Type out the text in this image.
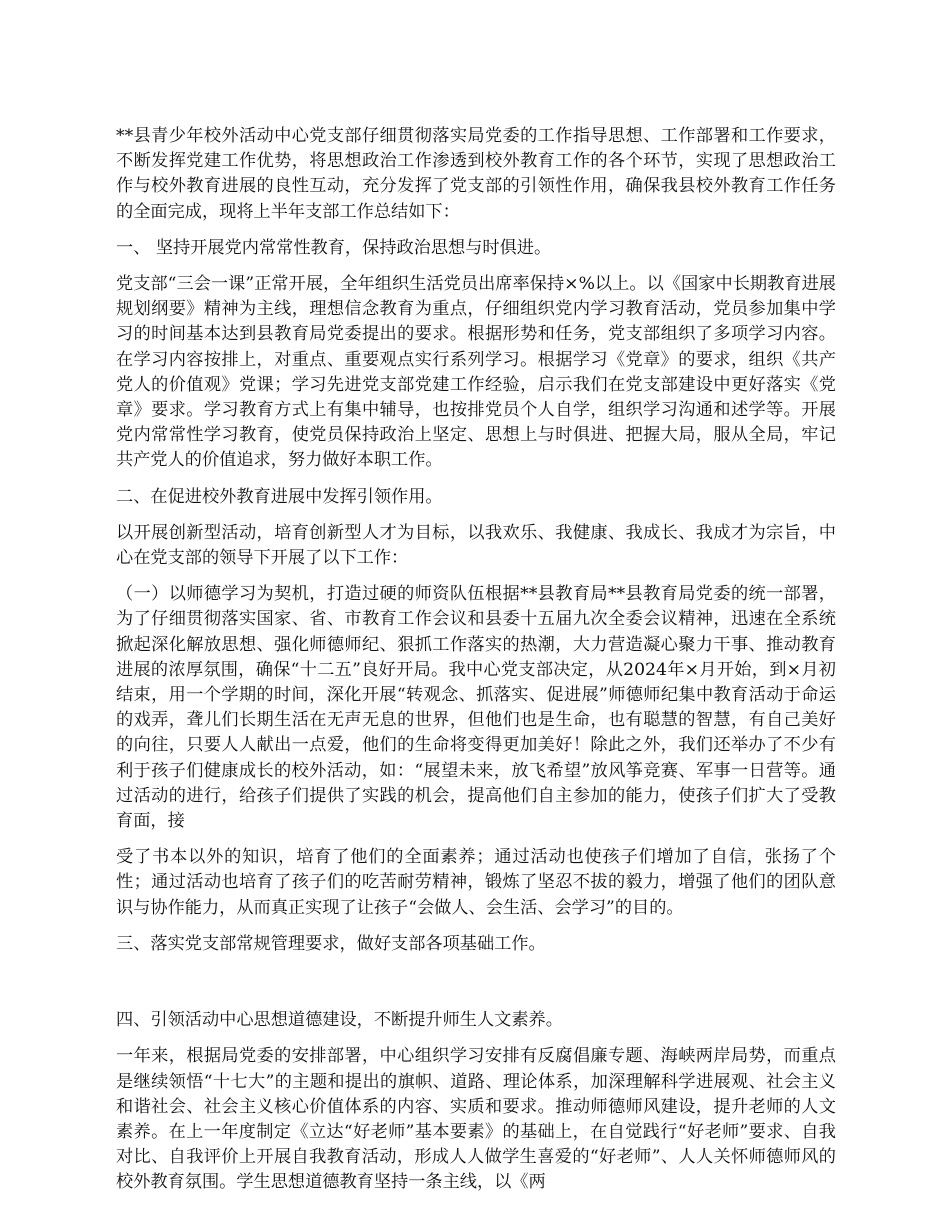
**县青少年校外活动中心党支部仔细贯彻落实局党委的工作指导思想、工作部署和工作要求，不断发挥党建工作优势，将思想政治工作渗透到校外教育工作的各个环节，实现了思想政治工作与校外教育进展的良性互动，充分发挥了党支部的引领性作用，确保我县校外教育工作任务的全面完成，现将上半年支部工作总结如下：

一、 坚持开展党内常常性教育，保持政治思想与时俱进。

党支部“三会一课”正常开展，全年组织生活党员出席率保持×%以上。以《国家中长期教育进展规划纲要》精神为主线，理想信念教育为重点，仔细组织党内学习教育活动，党员参加集中学习的时间基本达到县教育局党委提出的要求。根据形势和任务，党支部组织了多项学习内容。在学习内容按排上，对重点、重要观点实行系列学习。根据学习《党章》的要求，组织《共产党人的价值观》党课；学习先进党支部党建工作经验，启示我们在党支部建设中更好落实《党章》要求。学习教育方式上有集中辅导，也按排党员个人自学，组织学习沟通和述学等。开展党内常常性学习教育，使党员保持政治上坚定、思想上与时俱进、把握大局，服从全局，牢记共产党人的价值追求，努力做好本职工作。

二、在促进校外教育进展中发挥引领作用。

以开展创新型活动，培育创新型人才为目标，以我欢乐、我健康、我成长、我成才为宗旨，中心在党支部的领导下开展了以下工作：

（一）以师德学习为契机，打造过硬的师资队伍根据**县教育局**县教育局党委的统一部署，为了仔细贯彻落实国家、省、市教育工作会议和县委十五届九次全委会议精神，迅速在全系统掀起深化解放思想、强化师德师纪、狠抓工作落实的热潮，大力营造凝心聚力干事、推动教育进展的浓厚氛围，确保“十二五”良好开局。我中心党支部决定，从2024年×月开始，到×月初结束，用一个学期的时间，深化开展“转观念、抓落实、促进展”师德师纪集中教育活动于命运的戏弄，聋儿们长期生活在无声无息的世界，但他们也是生命，也有聪慧的智慧，有自己美好的向往，只要人人献出一点爱，他们的生命将变得更加美好！除此之外，我们还举办了不少有利于孩子们健康成长的校外活动，如：“展望未来，放飞希望”放风筝竞赛、军事一日营等。通过活动的进行，给孩子们提供了实践的机会，提高他们自主参加的能力，使孩子们扩大了受教育面，接

受了书本以外的知识，培育了他们的全面素养；通过活动也使孩子们增加了自信，张扬了个性；通过活动也培育了孩子们的吃苦耐劳精神，锻炼了坚忍不拔的毅力，增强了他们的团队意识与协作能力，从而真正实现了让孩子“会做人、会生活、会学习”的目的。

三、落实党支部常规管理要求，做好支部各项基础工作。

四、引领活动中心思想道德建设，不断提升师生人文素养。

一年来，根据局党委的安排部署，中心组织学习安排有反腐倡廉专题、海峡两岸局势，而重点是继续领悟“十七大”的主题和提出的旗帜、道路、理论体系，加深理解科学进展观、社会主义和谐社会、社会主义核心价值体系的内容、实质和要求。推动师德师风建设，提升老师的人文素养。在上一年度制定《立达“好老师”基本要素》的基础上，在自觉践行“好老师”要求、自我对比、自我评价上开展自我教育活动，形成人人做学生喜爱的“好老师”、人人关怀师德师风的校外教育氛围。学生思想道德教育坚持一条主线，以《两
